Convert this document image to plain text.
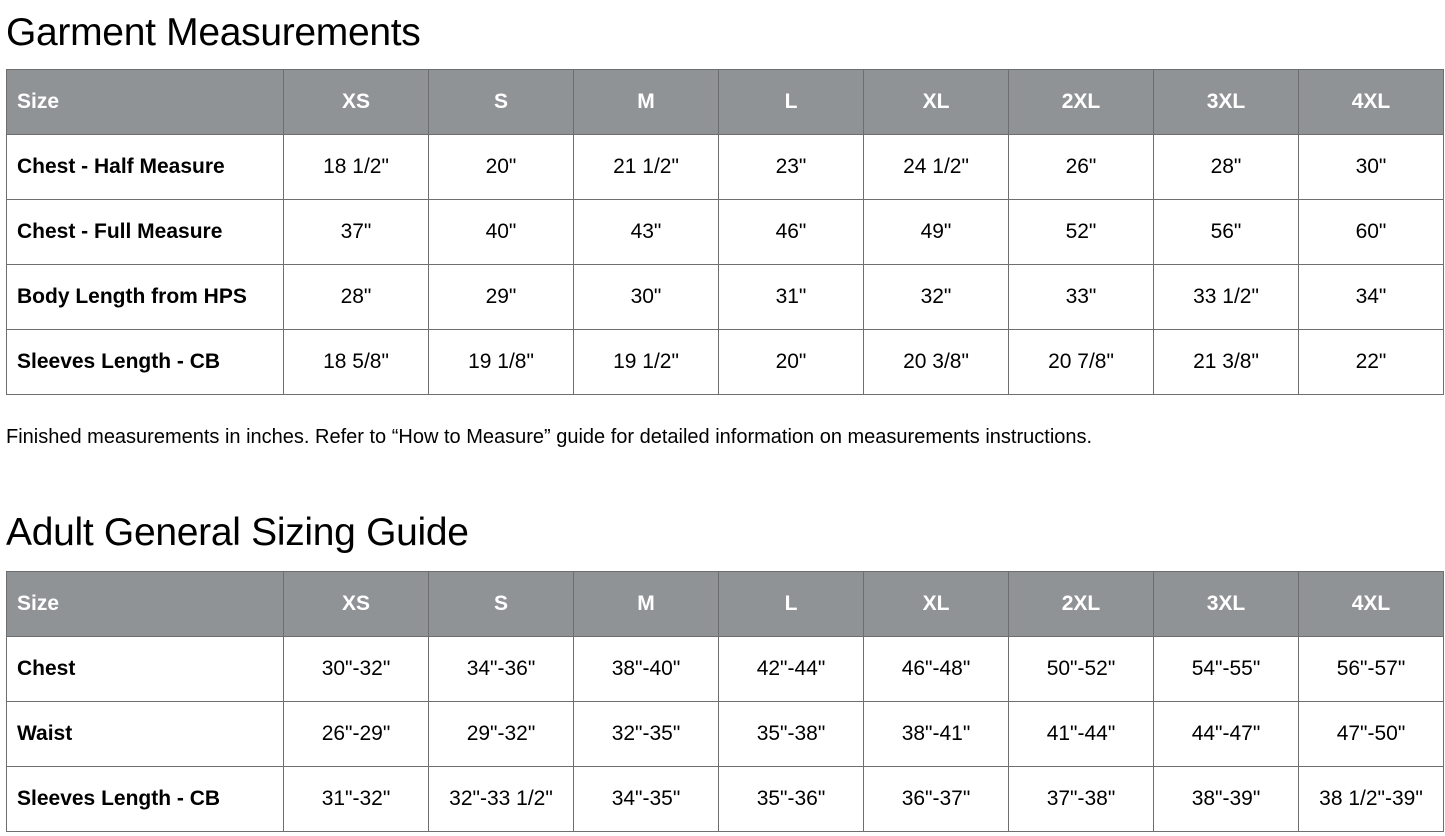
Garment Measurements
Size	XS	S	M	L	XL	2XL	3XL	4XL
Chest - Half Measure	18 1/2"	20"	21 1/2"	23"	24 1/2"	26"	28"	30"
Chest - Full Measure	37"	40"	43"	46"	49"	52"	56"	60"
Body Length from HPS	28"	29"	30"	31"	32"	33"	33 1/2"	34"
Sleeves Length - CB	18 5/8"	19 1/8"	19 1/2"	20"	20 3/8"	20 7/8"	21 3/8"	22"

Finished measurements in inches. Refer to “How to Measure” guide for detailed information on measurements instructions.

Adult General Sizing Guide
Size	XS	S	M	L	XL	2XL	3XL	4XL
Chest	30"-32"	34"-36"	38"-40"	42"-44"	46"-48"	50"-52"	54"-55"	56"-57"
Waist	26"-29"	29"-32"	32"-35"	35"-38"	38"-41"	41"-44"	44"-47"	47"-50"
Sleeves Length - CB	31"-32"	32"-33 1/2"	34"-35"	35"-36"	36"-37"	37"-38"	38"-39"	38 1/2"-39"
